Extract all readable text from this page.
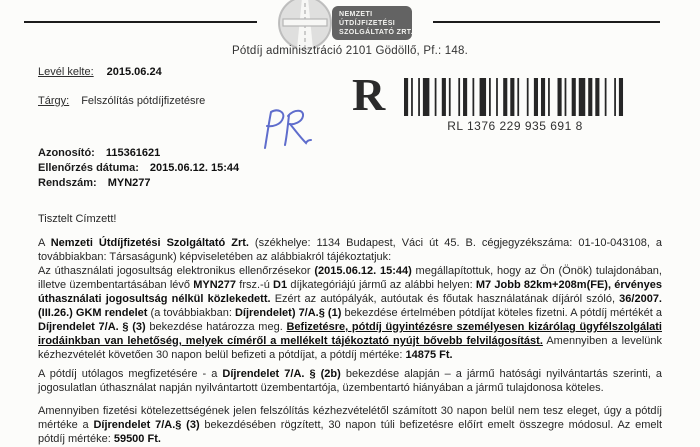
NEMZETI
ÚTDÍJFIZETÉSI
SZOLGÁLTATÓ ZRT.
Pótdíj adminisztráció 2101 Gödöllő, Pf.: 148.
Levél kelte: 2015.06.24
Tárgy: Felszólítás pótdíjfizetésre
Azonosító: 115361621
Ellenőrzés dátuma: 2015.06.12. 15:44
Rendszám: MYN277
R
RL 1376 229 935 691 8
Tisztelt Címzett!
A Nemzeti Útdíjfizetési Szolgáltató Zrt. (székhelye: 1134 Budapest, Váci út 45. B. cégjegyzékszáma: 01-10-043108, a továbbiakban: Társaságunk) képviseletében az alábbiakról tájékoztatjuk:
Az úthasználati jogosultság elektronikus ellenőrzésekor (2015.06.12. 15:44) megállapítottuk, hogy az Ön (Önök) tulajdonában, illetve üzembentartásában lévő MYN277 frsz.-ú D1 díjkategóriájú jármű az alábbi helyen: M7 Jobb 82km+208m(FE), érvényes úthasználati jogosultság nélkül közlekedett. Ezért az autópályák, autóutak és főutak használatának díjáról szóló, 36/2007. (III.26.) GKM rendelet (a továbbiakban: Díjrendelet) 7/A.§ (1) bekezdése értelmében pótdíjat köteles fizetni. A pótdíj mértékét a Díjrendelet 7/A. § (3) bekezdése határozza meg. Befizetésre, pótdíj ügyintézésre személyesen kizárólag ügyfélszolgálati irodáinkban van lehetőség, melyek címéről a mellékelt tájékoztató nyújt bővebb felvilágosítást. Amennyiben a levelünk kézhezvételét követően 30 napon belül befizeti a pótdíjat, a pótdíj mértéke: 14875 Ft.
A pótdíj utólagos megfizetésére - a Díjrendelet 7/A. § (2b) bekezdése alapján – a jármű hatósági nyilvántartás szerinti, a jogosulatlan úthasználat napján nyilvántartott üzembentartója, üzembentartó hiányában a jármű tulajdonosa köteles.
Amennyiben fizetési kötelezettségének jelen felszólítás kézhezvételétől számított 30 napon belül nem tesz eleget, úgy a pótdíj mértéke a Díjrendelet 7/A.§ (3) bekezdésében rögzített, 30 napon túli befizetésre előírt emelt összegre módosul. Az emelt pótdíj mértéke: 59500 Ft.
